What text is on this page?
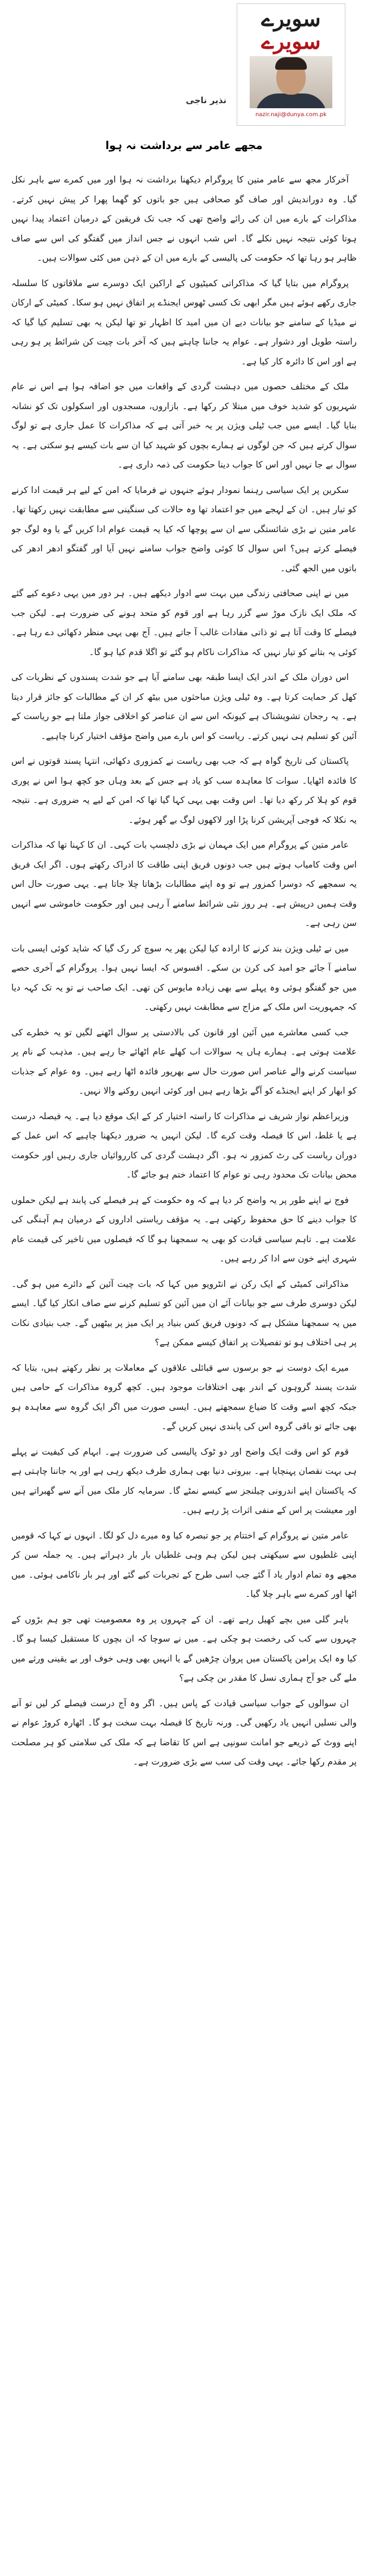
نذیر ناجی
سویرے
سویرے
nazir.naji@dunya.com.pk
مجھے عامر سے برداشت نہ ہوا

آخرکار مجھ سے عامر متین کا پروگرام دیکھنا برداشت نہ ہوا اور میں کمرے سے باہر نکل گیا۔ وہ دوراندیش اور صاف گو صحافی ہیں جو باتوں کو گھما پھرا کر پیش نہیں کرتے۔ مذاکرات کے بارے میں ان کی رائے واضح تھی کہ جب تک فریقین کے درمیان اعتماد پیدا نہیں ہوتا کوئی نتیجہ نہیں نکلے گا۔ اس شب انہوں نے جس انداز میں گفتگو کی اس سے صاف ظاہر ہو رہا تھا کہ حکومت کی پالیسی کے بارے میں ان کے ذہن میں کئی سوالات ہیں۔

پروگرام میں بتایا گیا کہ مذاکراتی کمیٹیوں کے اراکین ایک دوسرے سے ملاقاتوں کا سلسلہ جاری رکھے ہوئے ہیں مگر ابھی تک کسی ٹھوس ایجنڈے پر اتفاق نہیں ہو سکا۔ کمیٹی کے ارکان نے میڈیا کے سامنے جو بیانات دیے ان میں امید کا اظہار تو تھا لیکن یہ بھی تسلیم کیا گیا کہ راستہ طویل اور دشوار ہے۔ عوام یہ جاننا چاہتے ہیں کہ آخر بات چیت کن شرائط پر ہو رہی ہے اور اس کا دائرہ کار کیا ہے۔

ملک کے مختلف حصوں میں دہشت گردی کے واقعات میں جو اضافہ ہوا ہے اس نے عام شہریوں کو شدید خوف میں مبتلا کر رکھا ہے۔ بازاروں، مسجدوں اور اسکولوں تک کو نشانہ بنایا گیا۔ ایسے میں جب ٹیلی ویژن پر یہ خبر آتی ہے کہ مذاکرات کا عمل جاری ہے تو لوگ سوال کرتے ہیں کہ جن لوگوں نے ہمارے بچوں کو شہید کیا ان سے بات کیسے ہو سکتی ہے۔ یہ سوال بے جا نہیں اور اس کا جواب دینا حکومت کی ذمہ داری ہے۔

سکرین پر ایک سیاسی رہنما نمودار ہوئے جنہوں نے فرمایا کہ امن کے لیے ہر قیمت ادا کرنے کو تیار ہیں۔ ان کے لہجے میں جو اعتماد تھا وہ حالات کی سنگینی سے مطابقت نہیں رکھتا تھا۔ عامر متین نے بڑی شائستگی سے ان سے پوچھا کہ کیا یہ قیمت عوام ادا کریں گے یا وہ لوگ جو فیصلے کرتے ہیں؟ اس سوال کا کوئی واضح جواب سامنے نہیں آیا اور گفتگو ادھر ادھر کی باتوں میں الجھ گئی۔

میں نے اپنی صحافتی زندگی میں بہت سے ادوار دیکھے ہیں۔ ہر دور میں یہی دعوے کیے گئے کہ ملک ایک نازک موڑ سے گزر رہا ہے اور قوم کو متحد ہونے کی ضرورت ہے۔ لیکن جب فیصلے کا وقت آتا ہے تو ذاتی مفادات غالب آ جاتے ہیں۔ آج بھی یہی منظر دکھائی دے رہا ہے۔ کوئی یہ بتانے کو تیار نہیں کہ مذاکرات ناکام ہو گئے تو اگلا قدم کیا ہو گا۔

اس دوران ملک کے اندر ایک ایسا طبقہ بھی سامنے آیا ہے جو شدت پسندوں کے نظریات کی کھل کر حمایت کرتا ہے۔ وہ ٹیلی ویژن مباحثوں میں بیٹھ کر ان کے مطالبات کو جائز قرار دیتا ہے۔ یہ رجحان تشویشناک ہے کیونکہ اس سے ان عناصر کو اخلاقی جواز ملتا ہے جو ریاست کے آئین کو تسلیم ہی نہیں کرتے۔ ریاست کو اس بارے میں واضح مؤقف اختیار کرنا چاہیے۔

پاکستان کی تاریخ گواہ ہے کہ جب بھی ریاست نے کمزوری دکھائی، انتہا پسند قوتوں نے اس کا فائدہ اٹھایا۔ سوات کا معاہدہ سب کو یاد ہے جس کے بعد وہاں جو کچھ ہوا اس نے پوری قوم کو ہلا کر رکھ دیا تھا۔ اس وقت بھی یہی کہا گیا تھا کہ امن کے لیے یہ ضروری ہے۔ نتیجہ یہ نکلا کہ فوجی آپریشن کرنا پڑا اور لاکھوں لوگ بے گھر ہوئے۔

عامر متین کے پروگرام میں ایک مہمان نے بڑی دلچسپ بات کہی۔ ان کا کہنا تھا کہ مذاکرات اس وقت کامیاب ہوتے ہیں جب دونوں فریق اپنی طاقت کا ادراک رکھتے ہوں۔ اگر ایک فریق یہ سمجھے کہ دوسرا کمزور ہے تو وہ اپنے مطالبات بڑھاتا چلا جاتا ہے۔ یہی صورت حال اس وقت ہمیں درپیش ہے۔ ہر روز نئی شرائط سامنے آ رہی ہیں اور حکومت خاموشی سے انہیں سن رہی ہے۔

میں نے ٹیلی ویژن بند کرنے کا ارادہ کیا لیکن پھر یہ سوچ کر رک گیا کہ شاید کوئی ایسی بات سامنے آ جائے جو امید کی کرن بن سکے۔ افسوس کہ ایسا نہیں ہوا۔ پروگرام کے آخری حصے میں جو گفتگو ہوئی وہ پہلے سے بھی زیادہ مایوس کن تھی۔ ایک صاحب نے تو یہ تک کہہ دیا کہ جمہوریت اس ملک کے مزاج سے مطابقت نہیں رکھتی۔

جب کسی معاشرے میں آئین اور قانون کی بالادستی پر سوال اٹھنے لگیں تو یہ خطرے کی علامت ہوتی ہے۔ ہمارے ہاں یہ سوالات اب کھلے عام اٹھائے جا رہے ہیں۔ مذہب کے نام پر سیاست کرنے والے عناصر اس صورت حال سے بھرپور فائدہ اٹھا رہے ہیں۔ وہ عوام کے جذبات کو ابھار کر اپنے ایجنڈے کو آگے بڑھا رہے ہیں اور کوئی انہیں روکنے والا نہیں۔

وزیراعظم نواز شریف نے مذاکرات کا راستہ اختیار کر کے ایک موقع دیا ہے۔ یہ فیصلہ درست ہے یا غلط، اس کا فیصلہ وقت کرے گا۔ لیکن انہیں یہ ضرور دیکھنا چاہیے کہ اس عمل کے دوران ریاست کی رٹ کمزور نہ ہو۔ اگر دہشت گردی کی کارروائیاں جاری رہیں اور حکومت محض بیانات تک محدود رہی تو عوام کا اعتماد ختم ہو جائے گا۔

فوج نے اپنے طور پر یہ واضح کر دیا ہے کہ وہ حکومت کے ہر فیصلے کی پابند ہے لیکن حملوں کا جواب دینے کا حق محفوظ رکھتی ہے۔ یہ مؤقف ریاستی اداروں کے درمیان ہم آہنگی کی علامت ہے۔ تاہم سیاسی قیادت کو بھی یہ سمجھنا ہو گا کہ فیصلوں میں تاخیر کی قیمت عام شہری اپنے خون سے ادا کر رہے ہیں۔

مذاکراتی کمیٹی کے ایک رکن نے انٹرویو میں کہا کہ بات چیت آئین کے دائرے میں ہو گی۔ لیکن دوسری طرف سے جو بیانات آئے ان میں آئین کو تسلیم کرنے سے صاف انکار کیا گیا۔ ایسے میں یہ سمجھنا مشکل ہے کہ دونوں فریق کس بنیاد پر ایک میز پر بیٹھیں گے۔ جب بنیادی نکات پر ہی اختلاف ہو تو تفصیلات پر اتفاق کیسے ممکن ہے؟

میرے ایک دوست نے جو برسوں سے قبائلی علاقوں کے معاملات پر نظر رکھتے ہیں، بتایا کہ شدت پسند گروہوں کے اندر بھی اختلافات موجود ہیں۔ کچھ گروہ مذاکرات کے حامی ہیں جبکہ کچھ اسے وقت کا ضیاع سمجھتے ہیں۔ ایسی صورت میں اگر ایک گروہ سے معاہدہ ہو بھی جائے تو باقی گروہ اس کی پابندی نہیں کریں گے۔

قوم کو اس وقت ایک واضح اور دو ٹوک پالیسی کی ضرورت ہے۔ ابہام کی کیفیت نے پہلے ہی بہت نقصان پہنچایا ہے۔ بیرونی دنیا بھی ہماری طرف دیکھ رہی ہے اور یہ جاننا چاہتی ہے کہ پاکستان اپنے اندرونی چیلنجز سے کیسے نمٹے گا۔ سرمایہ کار ملک میں آنے سے گھبراتے ہیں اور معیشت پر اس کے منفی اثرات پڑ رہے ہیں۔

عامر متین نے پروگرام کے اختتام پر جو تبصرہ کیا وہ میرے دل کو لگا۔ انہوں نے کہا کہ قومیں اپنی غلطیوں سے سیکھتی ہیں لیکن ہم وہی غلطیاں بار بار دہراتے ہیں۔ یہ جملہ سن کر مجھے وہ تمام ادوار یاد آ گئے جب اسی طرح کے تجربات کیے گئے اور ہر بار ناکامی ہوئی۔ میں اٹھا اور کمرے سے باہر چلا گیا۔

باہر گلی میں بچے کھیل رہے تھے۔ ان کے چہروں پر وہ معصومیت تھی جو ہم بڑوں کے چہروں سے کب کی رخصت ہو چکی ہے۔ میں نے سوچا کہ ان بچوں کا مستقبل کیسا ہو گا۔ کیا وہ ایک پرامن پاکستان میں پروان چڑھیں گے یا انہیں بھی وہی خوف اور بے یقینی ورثے میں ملے گی جو آج ہماری نسل کا مقدر بن چکی ہے؟

ان سوالوں کے جواب سیاسی قیادت کے پاس ہیں۔ اگر وہ آج درست فیصلے کر لیں تو آنے والی نسلیں انہیں یاد رکھیں گی۔ ورنہ تاریخ کا فیصلہ بہت سخت ہو گا۔ اٹھارہ کروڑ عوام نے اپنے ووٹ کے ذریعے جو امانت سونپی ہے اس کا تقاضا ہے کہ ملک کی سلامتی کو ہر مصلحت پر مقدم رکھا جائے۔ یہی وقت کی سب سے بڑی ضرورت ہے۔
